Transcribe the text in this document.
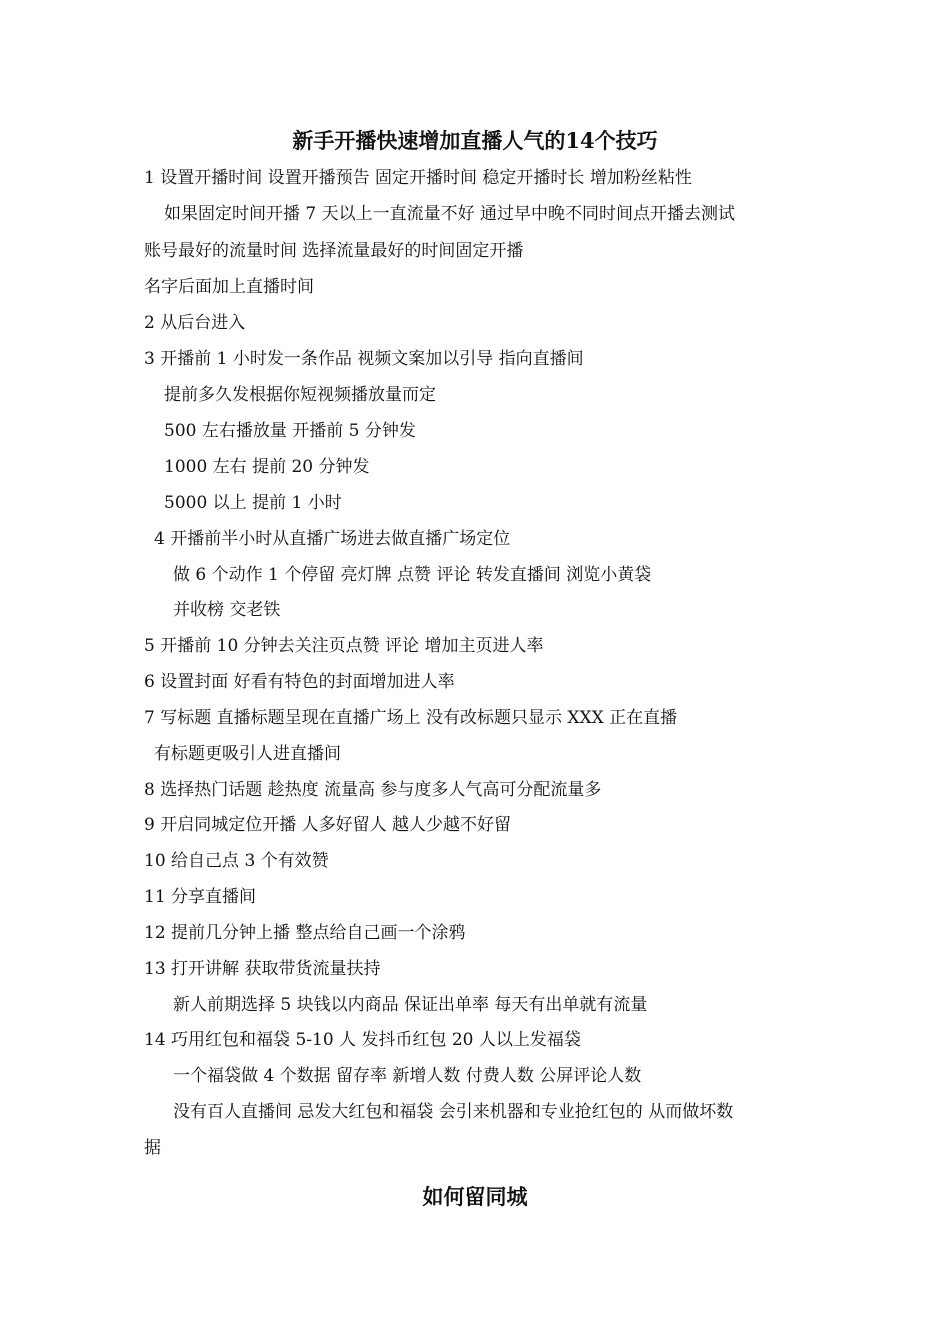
新手开播快速增加直播人气的14个技巧
1 设置开播时间 设置开播预告 固定开播时间 稳定开播时长 增加粉丝粘性
如果固定时间开播 7 天以上一直流量不好 通过早中晚不同时间点开播去测试
账号最好的流量时间 选择流量最好的时间固定开播
名字后面加上直播时间
2 从后台进入
3 开播前 1 小时发一条作品 视频文案加以引导 指向直播间
提前多久发根据你短视频播放量而定
500 左右播放量 开播前 5 分钟发
1000 左右 提前 20 分钟发
5000 以上 提前 1 小时
4 开播前半小时从直播广场进去做直播广场定位
做 6 个动作 1 个停留 亮灯牌 点赞 评论 转发直播间 浏览小黄袋
并收榜 交老铁
5 开播前 10 分钟去关注页点赞 评论 增加主页进人率
6 设置封面 好看有特色的封面增加进人率
7 写标题 直播标题呈现在直播广场上 没有改标题只显示 XXX 正在直播
有标题更吸引人进直播间
8 选择热门话题 趁热度 流量高 参与度多人气高可分配流量多
9 开启同城定位开播 人多好留人 越人少越不好留
10 给自己点 3 个有效赞
11 分享直播间
12 提前几分钟上播 整点给自己画一个涂鸦
13 打开讲解 获取带货流量扶持
新人前期选择 5 块钱以内商品 保证出单率 每天有出单就有流量
14 巧用红包和福袋 5-10 人 发抖币红包 20 人以上发福袋
一个福袋做 4 个数据 留存率 新增人数 付费人数 公屏评论人数
没有百人直播间 忌发大红包和福袋 会引来机器和专业抢红包的 从而做坏数
据
如何留同城
